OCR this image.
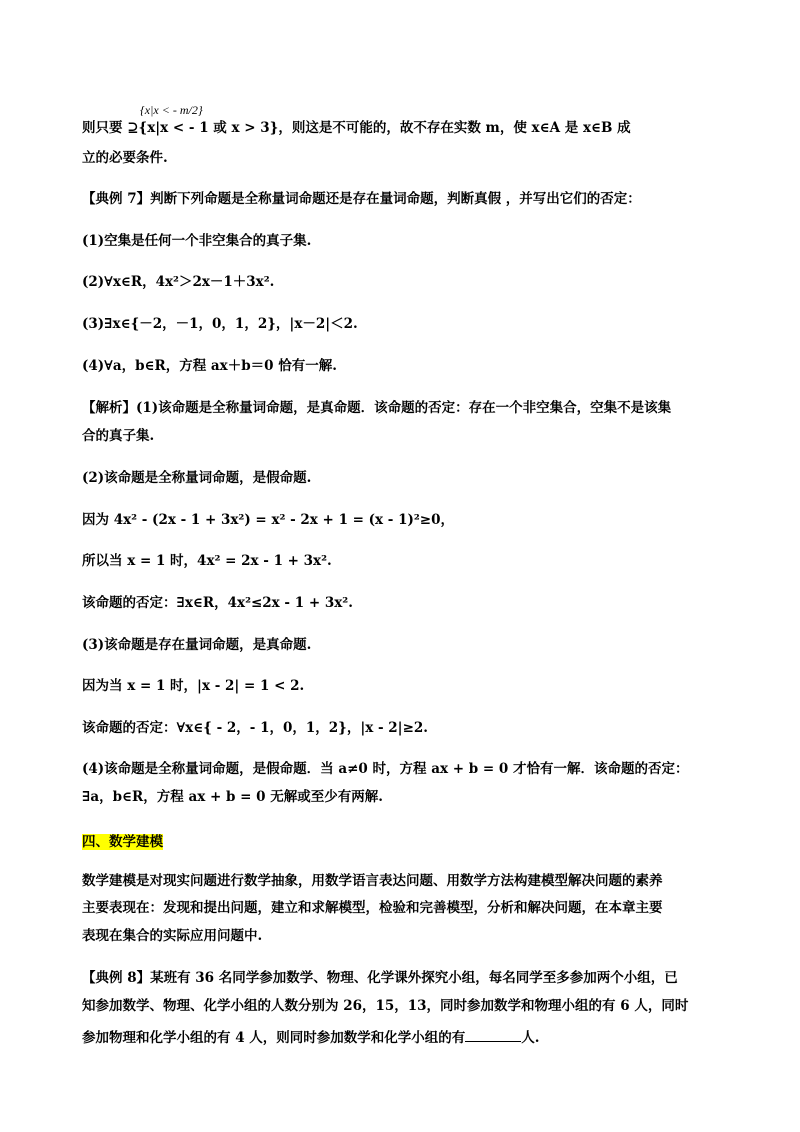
{x|x < - m/2}
则只要 ⊇{x|x < - 1 或 x > 3}，则这是不可能的，故不存在实数 m，使 x∈A 是 x∈B 成
立的必要条件.
【典例 7】判断下列命题是全称量词命题还是存在量词命题，判断真假 ，并写出它们的否定：
(1)空集是任何一个非空集合的真子集.
(2)∀x∈R，4x²＞2x－1＋3x².
(3)∃x∈{－2，－1，0，1，2}，|x－2|＜2.
(4)∀a，b∈R，方程 ax＋b＝0 恰有一解.
【解析】(1)该命题是全称量词命题，是真命题．该命题的否定：存在一个非空集合，空集不是该集
合的真子集.
(2)该命题是全称量词命题，是假命题.
因为 4x² - (2x - 1 + 3x²) = x² - 2x + 1 = (x - 1)²≥0，
所以当 x = 1 时，4x² = 2x - 1 + 3x².
该命题的否定：∃x∈R，4x²≤2x - 1 + 3x².
(3)该命题是存在量词命题，是真命题.
因为当 x = 1 时，|x - 2| = 1 < 2.
该命题的否定：∀x∈{ - 2，- 1，0，1，2}，|x - 2|≥2.
(4)该命题是全称量词命题，是假命题．当 a≠0 时，方程 ax + b = 0 才恰有一解．该命题的否定：
∃a，b∈R，方程 ax + b = 0 无解或至少有两解.
数学建模是对现实问题进行数学抽象，用数学语言表达问题、用数学方法构建模型解决问题的素养
主要表现在：发现和提出问题，建立和求解模型，检验和完善模型，分析和解决问题，在本章主要
表现在集合的实际应用问题中.
【典例 8】某班有 36 名同学参加数学、物理、化学课外探究小组，每名同学至多参加两个小组，已
知参加数学、物理、化学小组的人数分别为 26，15，13，同时参加数学和物理小组的有 6 人，同时
四、数学建模
参加物理和化学小组的有 4 人，则同时参加数学和化学小组的有	人.
